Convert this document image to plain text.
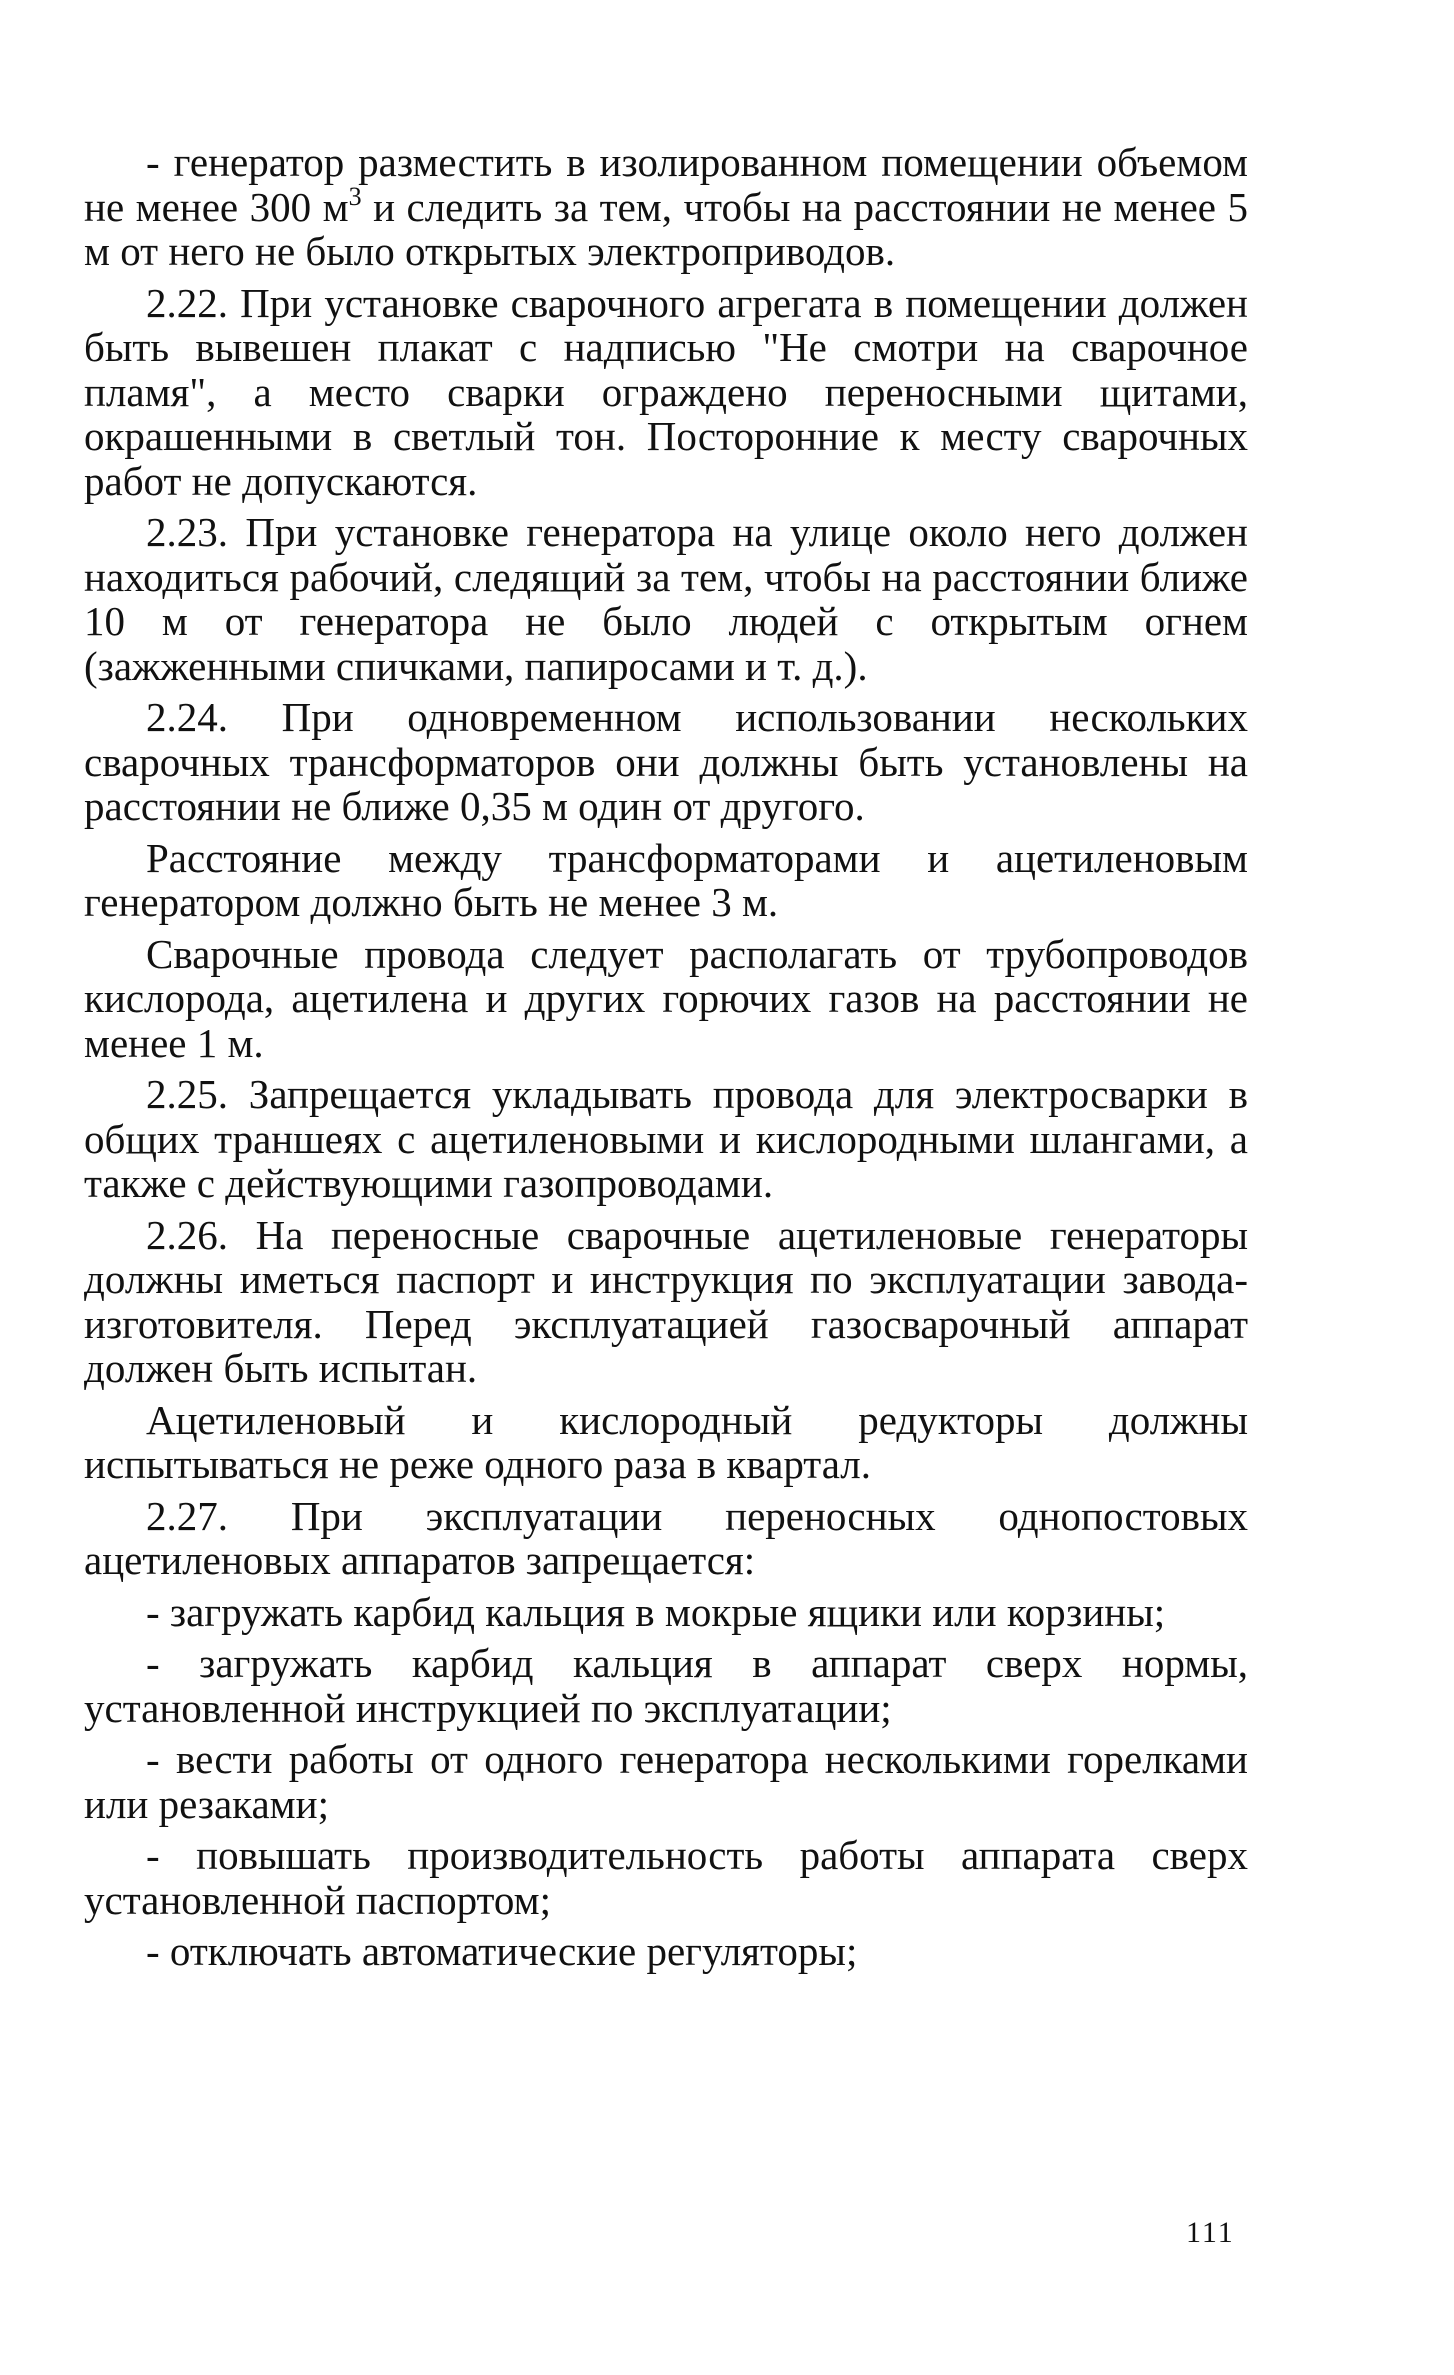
- генератор разместить в изолированном помещении объемом не менее 300 $м^3$ и следить за тем, чтобы на расстоянии не менее 5 м от него не было открытых электроприводов.

2.22. При установке сварочного агрегата в помещении должен быть вывешен плакат с надписью "Не смотри на сварочное пламя", а место сварки ограждено переносными щитами, окрашенными в светлый тон. Посторонние к месту сварочных работ не допускаются.

2.23. При установке генератора на улице около него должен находиться рабочий, следящий за тем, чтобы на расстоянии ближе 10 м от генератора не было людей с открытым огнем (зажженными спичками, папиросами и т. д.).

2.24. При одновременном использовании нескольких сварочных трансформаторов они должны быть установлены на расстоянии не ближе 0,35 м один от другого.

Расстояние между трансформаторами и ацетиленовым генератором должно быть не менее 3 м.

Сварочные провода следует располагать от трубопроводов кислорода, ацетилена и других горючих газов на расстоянии не менее 1 м.

2.25. Запрещается укладывать провода для электросварки в общих траншеях с ацетиленовыми и кислородными шлангами, а также с действующими газопроводами.

2.26. На переносные сварочные ацетиленовые генераторы должны иметься паспорт и инструкция по эксплуатации завода-изготовителя. Перед эксплуатацией газосварочный аппарат должен быть испытан.

Ацетиленовый и кислородный редукторы должны испытываться не реже одного раза в квартал.

2.27. При эксплуатации переносных однопостовых ацетиленовых аппаратов запрещается:

- загружать карбид кальция в мокрые ящики или корзины;

- загружать карбид кальция в аппарат сверх нормы, установленной инструкцией по эксплуатации;

- вести работы от одного генератора несколькими горелками или резаками;

- повышать производительность работы аппарата сверх установленной паспортом;

- отключать автоматические регуляторы;

111
